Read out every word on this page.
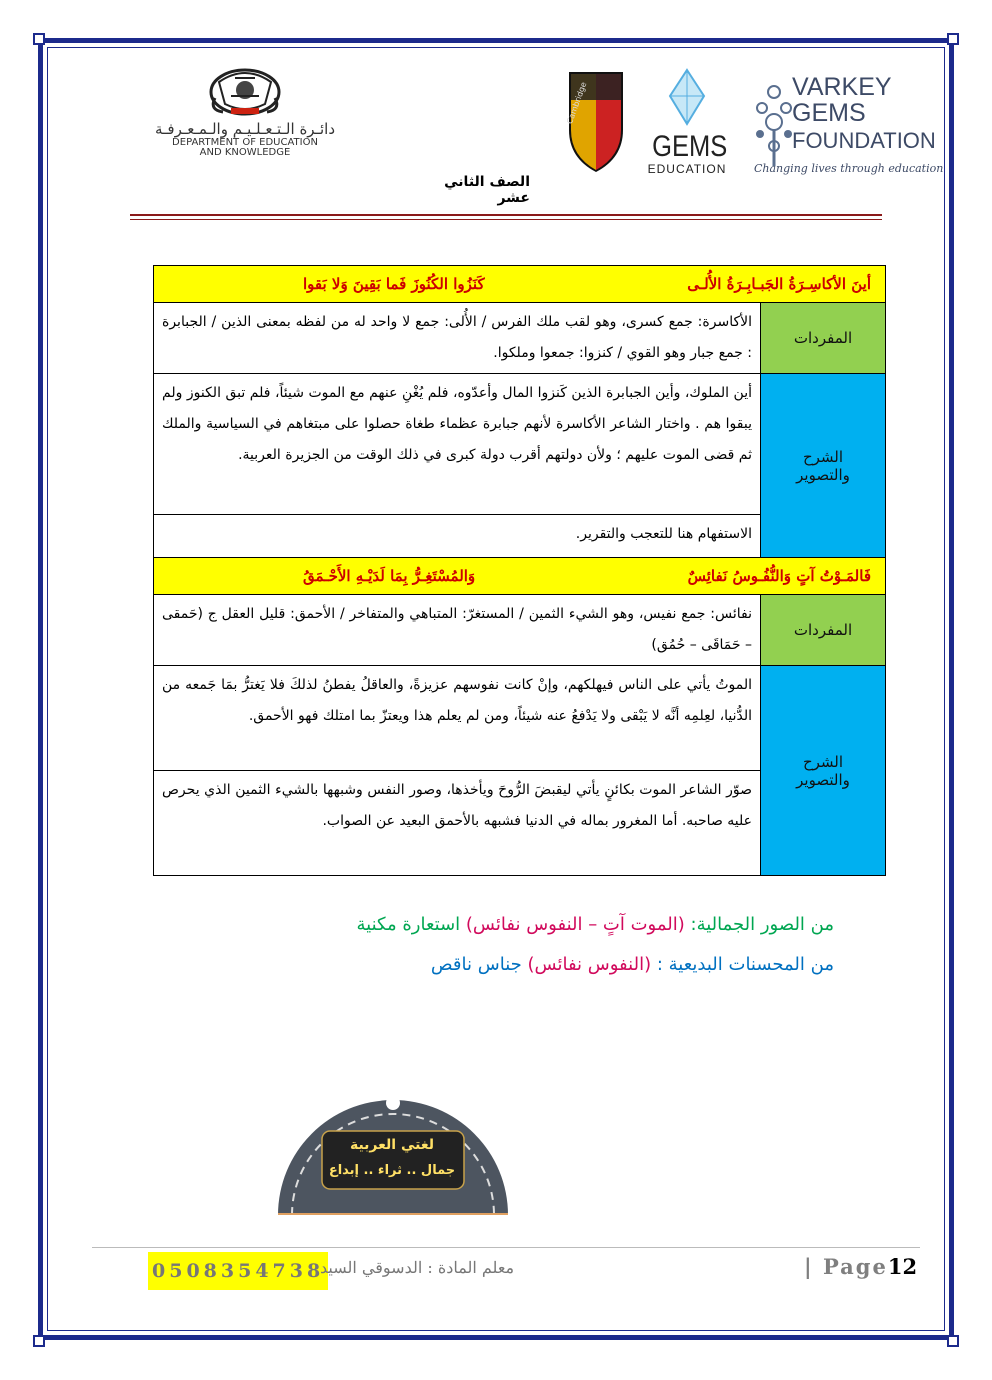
دائـرة الـتـعـلـيـم والـمـعـرفـة
DEPARTMENT OF EDUCATION
AND KNOWLEDGE
الصف الثاني عشر
Cambridge
GEMS
EDUCATION
VARKEY
GEMS
FOUNDATION
Changing lives through education
أينَ الأكاسِـرَةُ الجَبـابِـرَةُ الأُلـى
كَنَزُوا الكُنُوزَ فَما بَقِينَ وَلا بَقوا	

المفردات	الأكاسرة: جمع كسرى، وهو لقب ملك الفرس / الأُلى: جمع لا واحد له من لفظه بمعنى الذين / الجبابرة : جمع جبار وهو القوي / كنزوا: جمعوا وملكوا.

الشرح
والتصوير	أين الملوك، وأين الجبابرة الذين كَنزوا المال وأعدّوه، فلم يُغْنِ عنهم مع الموت شيئاً، فلم تبق الكنوز ولم يبقوا هم . واختار الشاعر الأكاسرة لأنهم جبابرة عظماء طغاة حصلوا على مبتغاهم في السياسية والملك ثم قضى الموت عليهم ؛ ولأن دولتهم أقرب دولة كبرى في ذلك الوقت من الجزيرة العربية.
	الاستفهام هنا للتعجب والتقرير.

فَالمَـوْتُ آتٍ وَالنُّفُـوسُ نَفائِسٌ
وَالمُسْتَغِـرُّ بِمَا لَدَيْـهِ الأَحْـمَقُ	

المفردات	نفائس: جمع نفيس، وهو الشيء الثمين / المستغرّ: المتباهي والمتفاخر / الأحمق: قليل العقل ج (حَمقى – حَمَاقَى – حُمُق)

الشرح
والتصوير	الموتُ يأتي على الناس فيهلكهم، وإنْ كانت نفوسهم عزيزةً، والعاقلُ يفطنُ لذلكَ فلا يَغترُّ بمَا جَمعه من الدُّنيا، لعِلمِه أنَّه لا يَبْقى ولا يَدْفعُ عنه شيئاً، ومن لم يعلم هذا ويعتزّ بما امتلك فهو الأحمق.
	صوّر الشاعر الموت بكائنٍ يأتي ليقبضَ الرُّوحَ ويأخذها، وصور النفس وشبهها بالشيء الثمين الذي يحرص عليه صاحبه. أما المغرور بماله في الدنيا فشبهه بالأحمق البعيد عن الصواب.
من الصور الجمالية: (الموت آتٍ – النفوس نفائس) استعارة مكنية
من المحسنات البديعية : (النفوس نفائس) جناس ناقص
لغتي العربية
جمال .. ثراء .. إبداع
0508354738
معلم المادة : الدسوقي السيد	| Page12
